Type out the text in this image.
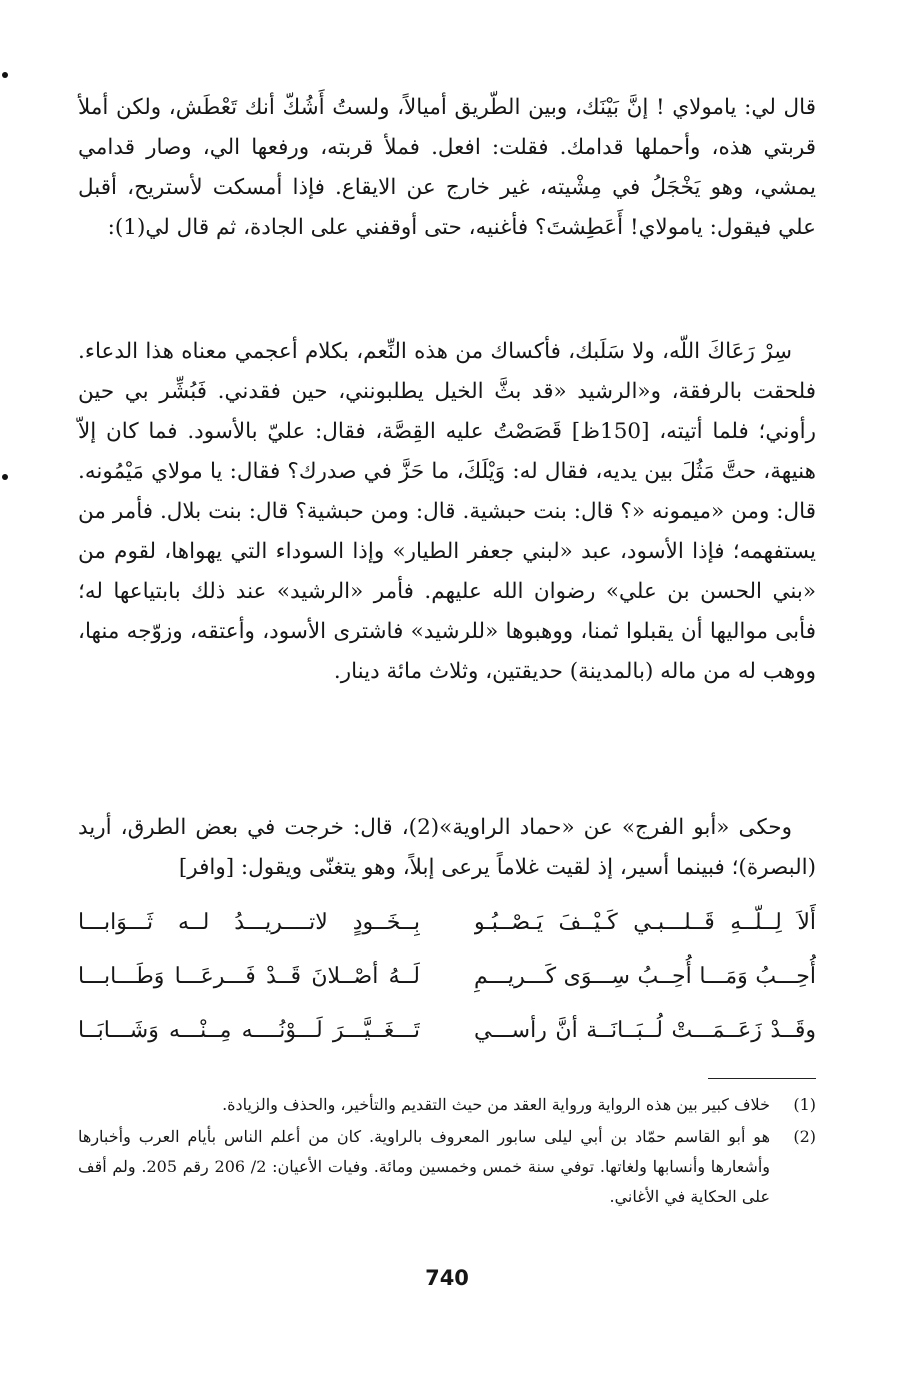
قال لي: يامولاي ! إنَّ بَيْنَك، وبين الطّريق أميالاً، ولستُ أَشُكّ أنك تَعْطَش، ولكن أملأ قربتي هذه، وأحملها قدامك. فقلت: افعل. فملأ قربته، ورفعها الي، وصار قدامي يمشي، وهو يَخْجَلُ في مِشْيته، غير خارج عن الايقاع. فإذا أمسكت لأستريح، أقبل علي فيقول: يامولاي! أَعَطِشتَ؟ فأغنيه، حتى أوقفني على الجادة، ثم قال لي(1):

سِرْ رَعَاكَ اللّه، ولا سَلَبك، فأكساك من هذه النِّعم، بكلام أعجمي معناه هذا الدعاء. فلحقت بالرفقة، و«الرشيد «قد بثَّ الخيل يطلبونني، حين فقدني. فَبُشِّر بي حين رأوني؛ فلما أتيته، [150ظ] قَصَصْتُ عليه القِصَّة، فقال: عليّ بالأسود. فما كان إلاّ هنيهة، حتَّ مَثُلَ بين يديه، فقال له: وَيْلَكَ، ما حَزَّ في صدرك؟ فقال: يا مولاي مَيْمُونه. قال: ومن «ميمونه «؟ قال: بنت حبشية. قال: ومن حبشية؟ قال: بنت بلال. فأمر من يستفهمه؛ فإذا الأسود، عبد «لبني جعفر الطيار» وإذا السوداء التي يهواها، لقوم من «بني الحسن بن علي» رضوان الله عليهم. فأمر «الرشيد» عند ذلك بابتياعها له؛ فأبى مواليها أن يقبلوا ثمنا، ووهبوها «للرشيد» فاشترى الأسود، وأعتقه، وزوّجه منها، ووهب له من ماله (بالمدينة) حديقتين، وثلاث مائة دينار.

وحكى «أبو الفرج» عن «حماد الراوية»(2)، قال: خرجت في بعض الطرق، أريد (البصرة)؛ فبينما أسير، إذ لقيت غلاماً يرعى إبلاً، وهو يتغنّى ويقول: [وافر]

أَلاَ لِــلّــهِ قَــلـــبـي كَـيْــفَ يَـصْــبُـو
بِــخَــودٍ لاتــــريـــدُ لــه ثَـــوَابـــا
أُحِـــبُ وَمَـــا أُحِــبُ سِـــوَى كَـــريـــمِ
لَــهُ أصْــلانَ قَــدْ فَـــرعَـــا وَطَـــابـــا
وقَــدْ زَعَــمَـــتْ لُــبَــانَــة أنَّ رأســـي
تَـــغَــيَّـــرَ لَـــوْنُــــه مِــنْـــه وَشَـــابَــا
(1)
خلاف كبير بين هذه الرواية ورواية العقد من حيث التقديم والتأخير، والحذف والزيادة.
(2)
هو أبو القاسم حمّاد بن أبي ليلى سابور المعروف بالراوية. كان من أعلم الناس بأيام العرب وأخبارها وأشعارها وأنسابها ولغاتها. توفي سنة خمس وخمسين ومائة. وفيات الأعيان: 2/ 206 رقم 205. ولم أقف على الحكاية في الأغاني.
740
